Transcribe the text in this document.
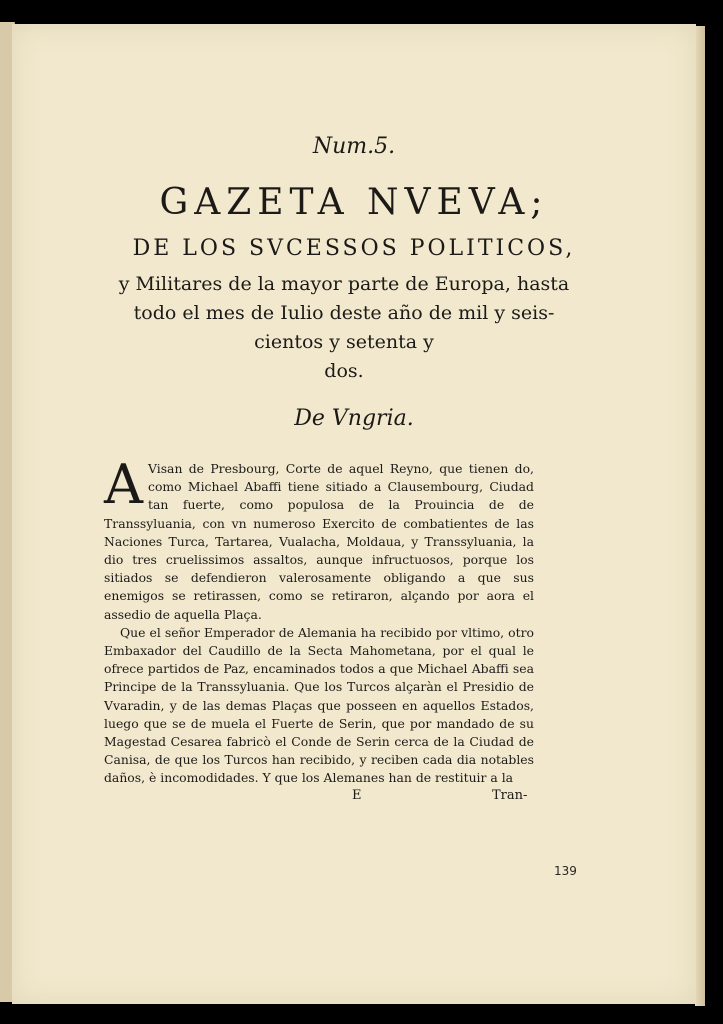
Num.5.
GAZETA NVEVA;
DE LOS SVCESSOS POLITICOS,
y Militares de la mayor parte de Europa, hasta
todo el mes de Iulio deste año de mil y seis-
cientos y setenta y
dos.
De Vngria.

A Visan de Presbourg, Corte de aquel Reyno, que tienen do, como Michael Abaffi tiene sitiado a Clausembourg, Ciudad tan fuerte, como populosa de la Prouincia de de Transsyluania, con vn numeroso Exercito de combatientes de las Naciones Turca, Tartarea, Vualacha, Moldaua, y Transsyluania, la dio tres cruelissimos assaltos, aunque infructuosos, porque los sitiados se defendieron valerosamente obligando a que sus enemigos se retirassen, como se retiraron, alçando por aora el assedio de aquella Plaça.

Que el señor Emperador de Alemania ha recibido por vltimo, otro Embaxador del Caudillo de la Secta Mahometana, por el qual le ofrece partidos de Paz, encaminados todos a que Michael Abaffi sea Principe de la Transsyluania. Que los Turcos alçaràn el Presidio de Vvaradin, y de las demas Plaças que posseen en aquellos Estados, luego que se de muela el Fuerte de Serin, que por mandado de su Magestad Cesarea fabricò el Conde de Serin cerca de la Ciudad de Canisa, de que los Turcos han recibido, y reciben cada dia notables daños, è incomodidades. Y que los Alemanes han de restituir a la

E	Tran-
139
